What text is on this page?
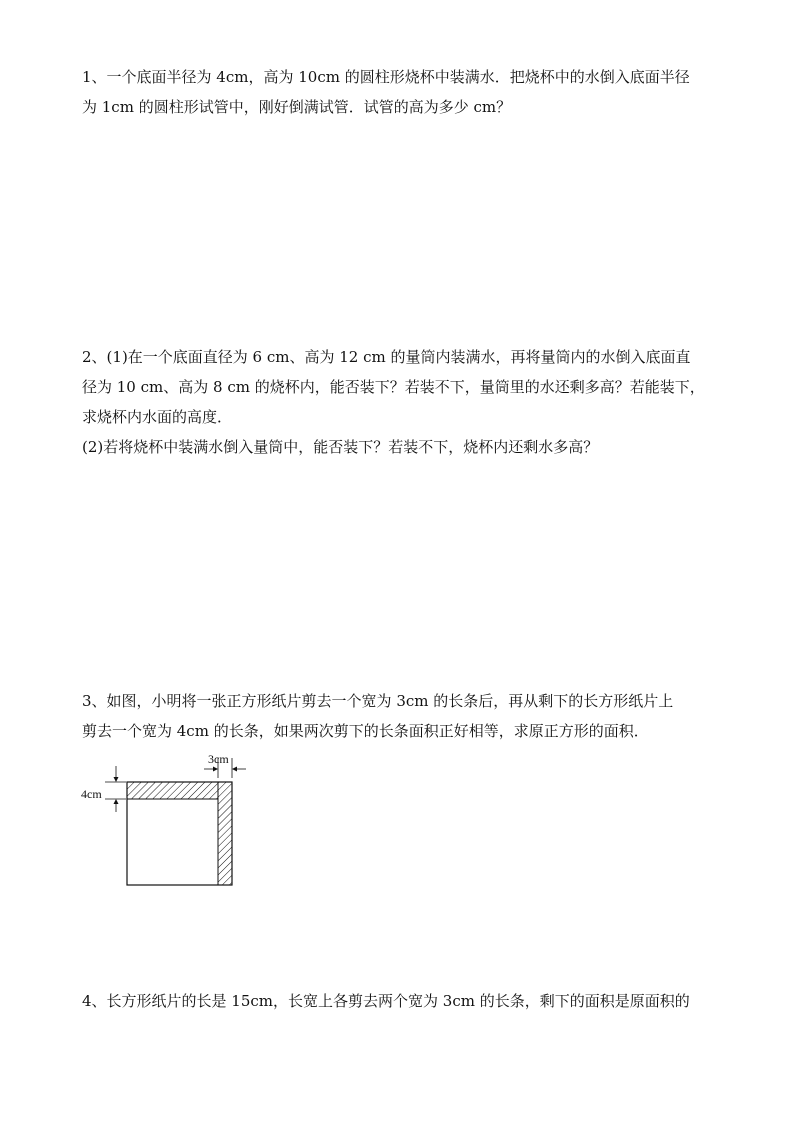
1、一个底面半径为 4cm，高为 10cm 的圆柱形烧杯中装满水．把烧杯中的水倒入底面半径

为 1cm 的圆柱形试管中，刚好倒满试管．试管的高为多少 cm？

2、(1)在一个底面直径为 6 cm、高为 12 cm 的量筒内装满水，再将量筒内的水倒入底面直

径为 10 cm、高为 8 cm 的烧杯内，能否装下？若装不下，量筒里的水还剩多高？若能装下，

求烧杯内水面的高度．

(2)若将烧杯中装满水倒入量筒中，能否装下？若装不下，烧杯内还剩水多高？

3、如图，小明将一张正方形纸片剪去一个宽为 3cm 的长条后，再从剩下的长方形纸片上

剪去一个宽为 4cm 的长条，如果两次剪下的长条面积正好相等，求原正方形的面积．

3cm
4cm

4、长方形纸片的长是 15cm，长宽上各剪去两个宽为 3cm 的长条，剩下的面积是原面积的
